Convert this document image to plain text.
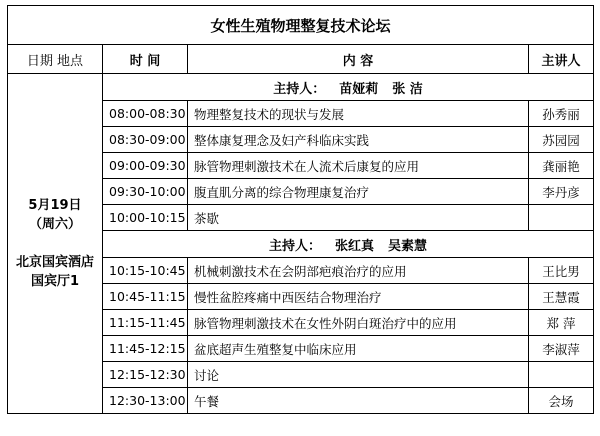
女性生殖物理整复技术论坛			
日期 地点	时 间	内 容	主讲人

5月19日
（周六）
北京国宾酒店
国宾厅1	主持人： 苗娅莉 张 洁		
	08:00-08:30	物理整复技术的现状与发展	孙秀丽
	08:30-09:00	整体康复理念及妇产科临床实践	苏园园
	09:00-09:30	脉管物理刺激技术在人流术后康复的应用	龚丽艳
	09:30-10:00	腹直肌分离的综合物理康复治疗	李丹彦
	10:00-10:15	茶歇	
	主持人： 张红真 吴素慧		
	10:15-10:45	机械刺激技术在会阴部疤痕治疗的应用	王比男
	10:45-11:15	慢性盆腔疼痛中西医结合物理治疗	王慧霞
	11:15-11:45	脉管物理刺激技术在女性外阴白斑治疗中的应用	郑 萍
	11:45-12:15	盆底超声生殖整复中临床应用	李淑萍
	12:15-12:30	讨论	
	12:30-13:00	午餐	会场
